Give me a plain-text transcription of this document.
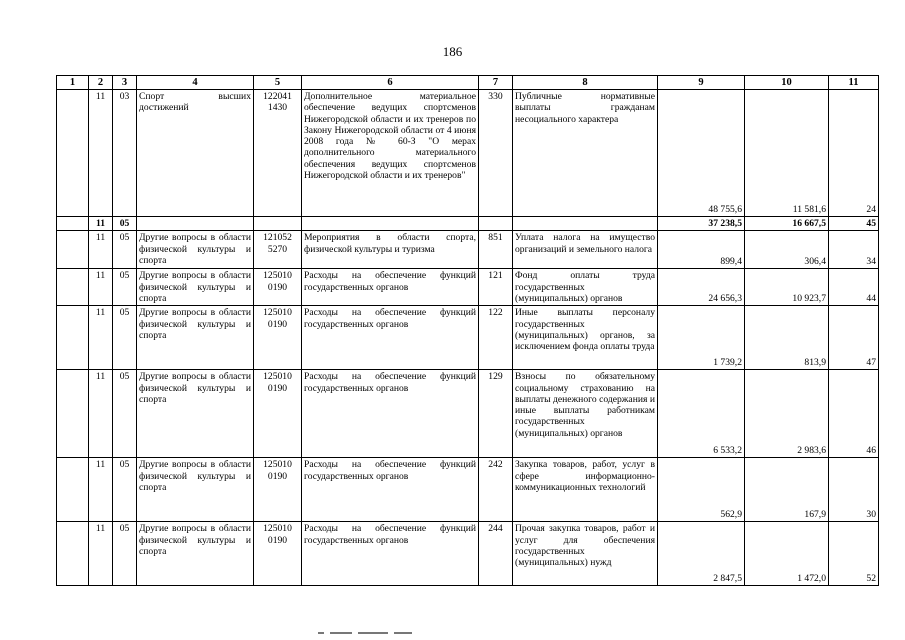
186
1	2	3	4	5	6	7	8	9	10	11
	11	03	Спорт высших достижений	122041 1430	Дополнительное материальное обеспечение ведущих спортсменов Нижегородской области и их тренеров по Закону Нижегородской области от 4 июня 2008 года № 60-З "О мерах дополнительного материального обеспечения ведущих спортсменов Нижегородской области и их тренеров"	330	Публичные нормативные выплаты гражданам несоциального характера	48 755,6	11 581,6	24
	11	05						37 238,5	16 667,5	45
	11	05	Другие вопросы в области физической культуры и спорта	121052 5270	Мероприятия в области спорта, физической культуры и туризма	851	Уплата налога на имущество организаций и земельного налога	899,4	306,4	34
	11	05	Другие вопросы в области физической культуры и спорта	125010 0190	Расходы на обеспечение функций государственных органов	121	Фонд оплаты труда государственных (муниципальных) органов	24 656,3	10 923,7	44
	11	05	Другие вопросы в области физической культуры и спорта	125010 0190	Расходы на обеспечение функций государственных органов	122	Иные выплаты персоналу государственных (муниципальных) органов, за исключением фонда оплаты труда	1 739,2	813,9	47
	11	05	Другие вопросы в области физической культуры и спорта	125010 0190	Расходы на обеспечение функций государственных органов	129	Взносы по обязательному социальному страхованию на выплаты денежного содержания и иные выплаты работникам государственных (муниципальных) органов	6 533,2	2 983,6	46
	11	05	Другие вопросы в области физической культуры и спорта	125010 0190	Расходы на обеспечение функций государственных органов	242	Закупка товаров, работ, услуг в сфере информационно-коммуникационных технологий	562,9	167,9	30
	11	05	Другие вопросы в области физической культуры и спорта	125010 0190	Расходы на обеспечение функций государственных органов	244	Прочая закупка товаров, работ и услуг для обеспечения государственных (муниципальных) нужд	2 847,5	1 472,0	52
